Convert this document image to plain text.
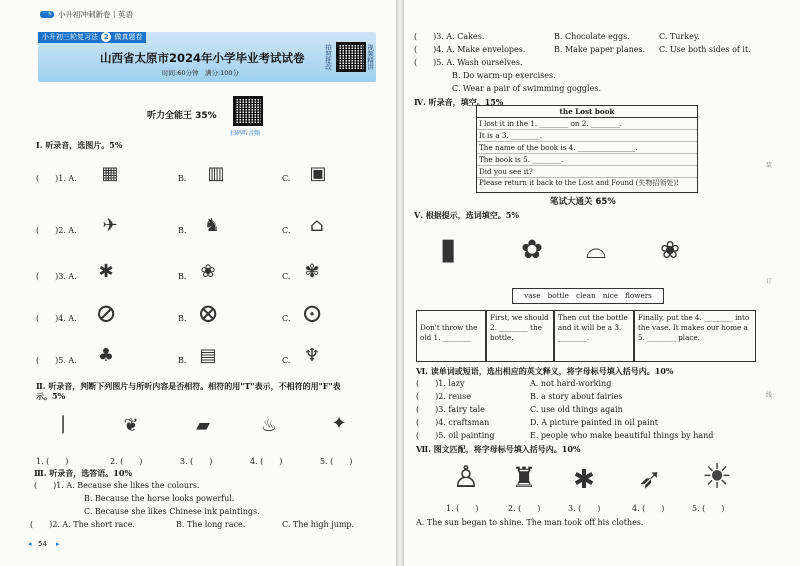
一本 小升初冲刺新卷丨英语
小升初三轮复习法 2 做真题卷
山西省太原市2024年小学毕业考试试卷
时间:60分钟　满分:100分
拍照批改	视频精讲
听力全能王 35%
扫码听音频
Ⅰ. 听录音，选图片。5%
(　　)1. A.	▦	B.	▥	C.	▣
(　　)2. A.	✈	B. ♞	C.	⌂
(　　)3. A.	✱	B. ❀	C. ✾
(　　)4. A. ⊘	B. ⊗	C. ⊙
(　　)5. A.	♣	B. ▤	C. ♆
Ⅱ. 听录音，判断下列图片与所听内容是否相符。相符的用"T"表示，不相符的用"F"表
示。5%
❘	❦	▰	♨	✦
1. (　　)	2. (　　)	3. (　　)	4. (　　)	5. (　　)
Ⅲ. 听录音，选答语。10%
(　　)1. A. Because she likes the colours.
B. Because the horse looks powerful.
C. Because she likes Chinese ink paintings.
(　　)2. A. The short race.	B. The long race.	C. The high jump.
◂ 54 ▸
(　　)3. A. Cakes.	B. Chocolate eggs.	C. Turkey.
(　　)4. A. Make envelopes.	B. Make paper planes. C. Use both sides of it.
(　　)5. A. Wash ourselves.
B. Do warm-up exercises.
C. Wear a pair of swimming goggles.
Ⅳ. 听录音，填空。15%
the Lost book
I lost it in the 1. ________ on 2. ________.
It is a 3. ________.
The name of the book is 4. ________________.
The book is 5. ________.
Did you see it?
Please return it back to the Lost and Found (失物招领处)!
笔试大通关 65%
Ⅴ. 根据提示，选词填空。5%
▮	✿	⌓	❀
vase　bottle　clean　nice　flowers
Don't throw the old 1. ________
First, we should 2. ________ the bottle.
Then cut the bottle and it will be a 3. ________.
Finally, put the 4. ________ into the vase. It makes our home a 5. ________ place.
Ⅵ. 读单词或短语，选出相应的英文释义，将字母标号填入括号内。10%
(　　)1. lazy	A. not hard-working
(　　)2. reuse	B. a story about fairies
(　　)3. fairy tale	C. use old things again
(　　)4. craftsman	D. A picture painted in oil paint
(　　)5. oil painting	E. people who make beautiful things by hand
Ⅶ. 图文匹配，将字母标号填入括号内。10%
♙ ♜	✱	➶	☀
1. (　　)	2. (　　)	3. (　　)	4. (　　)	5. (　　)
A. The sun began to shine. The man took off his clothes.
装
订
线
